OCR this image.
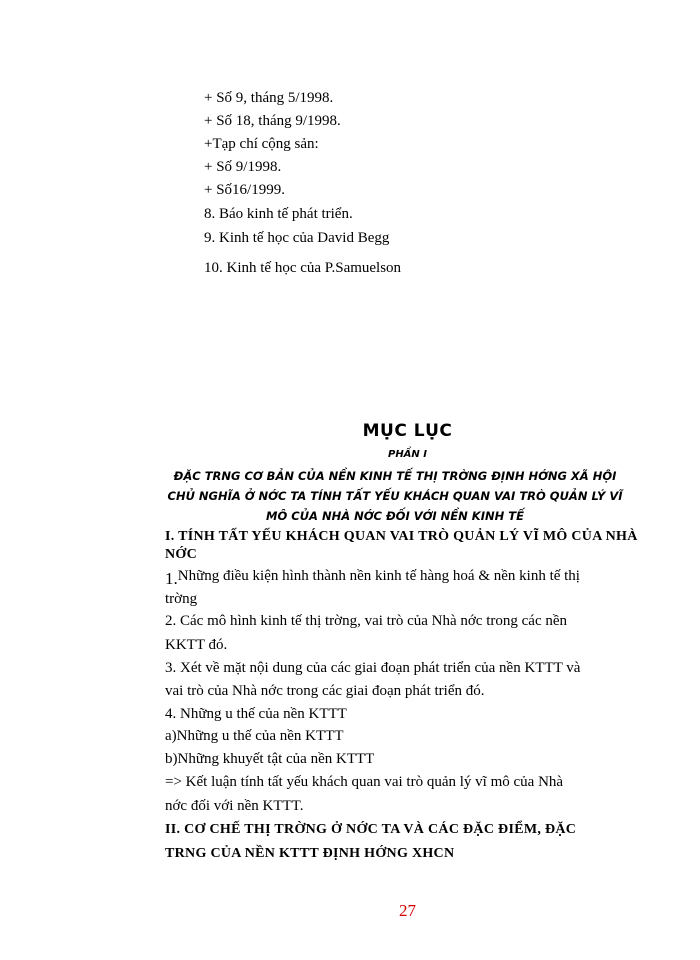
+ Số 9, tháng 5/1998.
+ Số 18, tháng 9/1998.
+Tạp chí cộng sản:
+ Số 9/1998.
+ Số16/1999.
8. Báo kinh tế phát triển.
9. Kinh tế học của David Begg
10. Kinh tế học của P.Samuelson
MỤC LỤC
PHẦN I
ĐẶC TRNG CƠ BẢN CỦA NỀN KINH TẾ THỊ TRỜNG ĐỊNH HỚNG XÃ HỘI
CHỦ NGHĨA Ở NỚC TA TÍNH TẤT YẾU KHÁCH QUAN VAI TRÒ QUẢN LÝ VĨ
MÔ CỦA NHÀ NỚC ĐỐI VỚI NỀN KINH TẾ
I. TÍNH TẤT YẾU KHÁCH QUAN VAI TRÒ QUẢN LÝ VĨ MÔ CỦA NHÀ
NỚC
1.Những điều kiện hình thành nền kinh tế hàng hoá & nền kinh tế thị
trờng
2. Các mô hình kinh tế thị trờng, vai trò của Nhà nớc trong các nền
KKTT đó.
3. Xét về mặt nội dung của các giai đoạn phát triển của nền KTTT và
vai trò của Nhà nớc trong các giai đoạn phát triển đó.
4. Những u thế của nền KTTT
a)Những u thế của nền KTTT
b)Những khuyết tật của nền KTTT
=> Kết luận tính tất yếu khách quan vai trò quản lý vĩ mô của Nhà
nớc đối với nền KTTT.
II. CƠ CHẾ THỊ TRỜNG Ở NỚC TA VÀ CÁC ĐẶC ĐIỂM, ĐẶC
TRNG CỦA NỀN KTTT ĐỊNH HỚNG XHCN
27
